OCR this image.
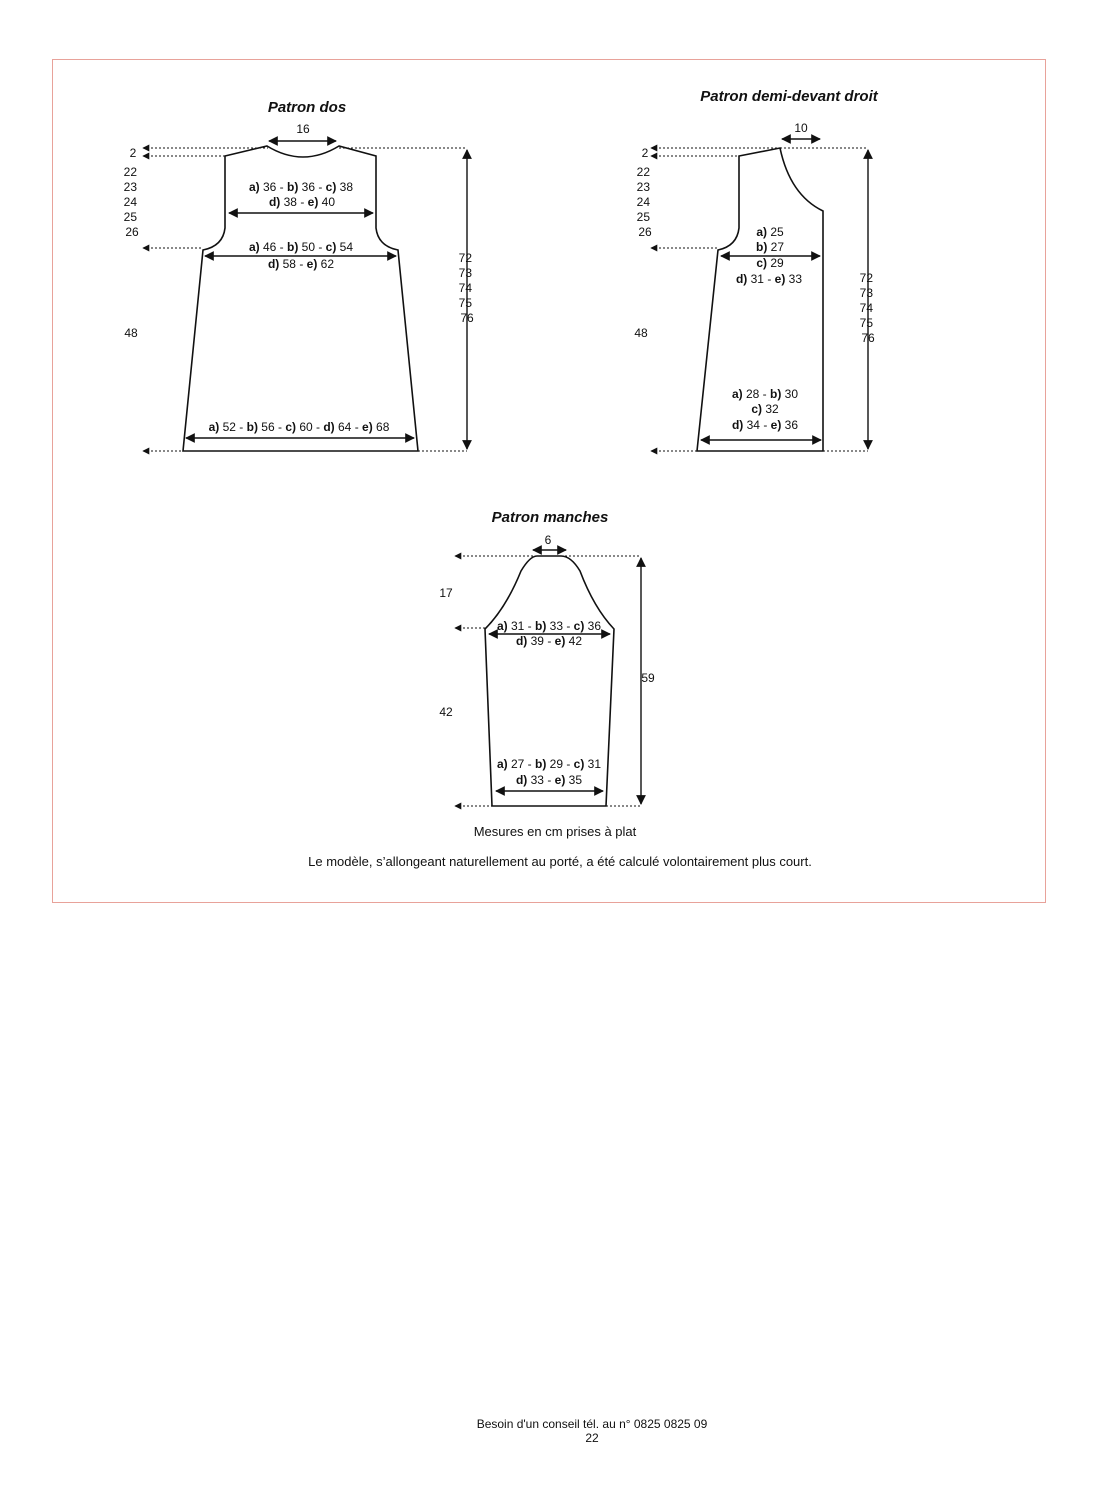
Patron dos
16
2
22 23 24 25 26
48
72 73 74 75 76
a) 36 - b) 36 - c) 38
d) 38 - e) 40
a) 46 - b) 50 - c) 54
d) 58 - e) 62
a) 52 - b) 56 - c) 60 - d) 64 - e) 68
Patron demi-devant droit
10
2
22 23 24 25 26
48
72 73 74 75 76
a) 25
b) 27
c) 29
d) 31 - e) 33
a) 28 - b) 30
c) 32
d) 34 - e) 36
Patron manches
6
17
42
59
a) 31 - b) 33 - c) 36
d) 39 - e) 42
a) 27 - b) 29 - c) 31
d) 33 - e) 35
Mesures en cm prises à plat
Le modèle, s’allongeant naturellement au porté, a été calculé volontairement plus court.
Besoin d'un conseil tél. au n° 0825 0825 09
22
